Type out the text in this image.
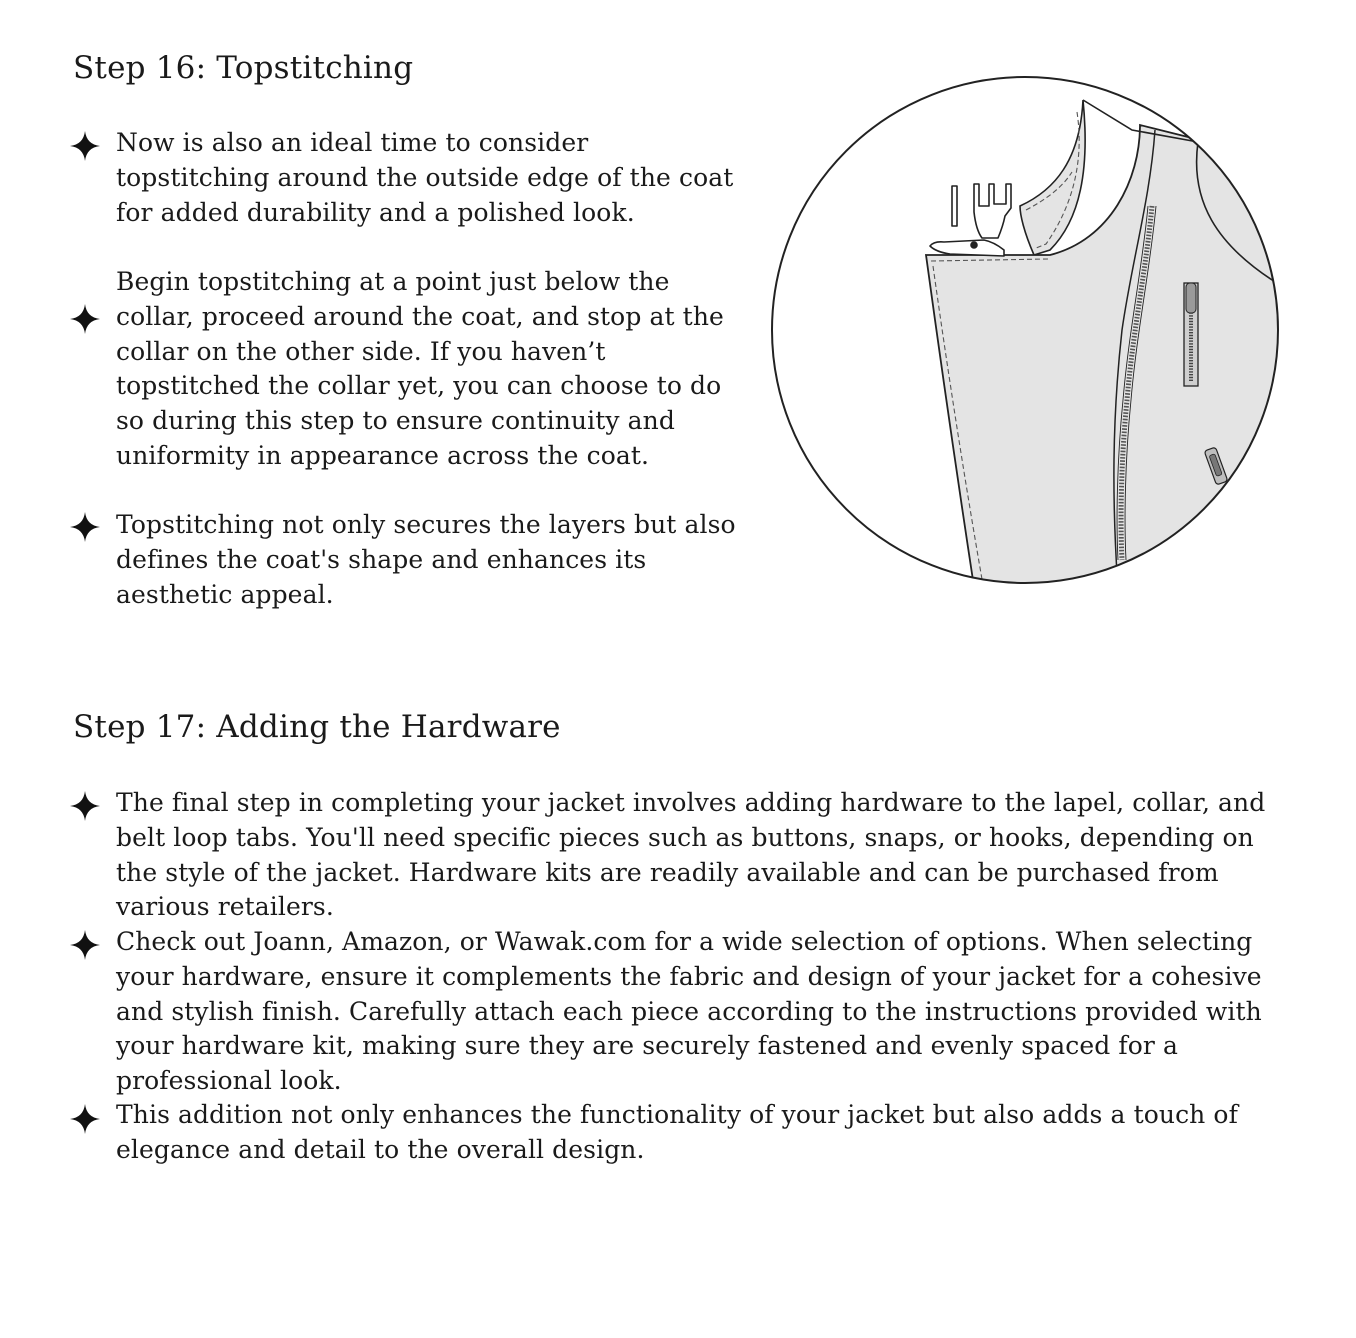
Step 16: Topstitching

Now is also an ideal time to consider topstitching around the outside edge of the coat for added durability and a polished look.

Begin topstitching at a point just below the collar, proceed around the coat, and stop at the collar on the other side. If you haven’t topstitched the collar yet, you can choose to do so during this step to ensure continuity and uniformity in appearance across the coat.

Topstitching not only secures the layers but also defines the coat's shape and enhances its aesthetic appeal.

Step 17: Adding the Hardware

The final step in completing your jacket involves adding hardware to the lapel, collar, and belt loop tabs. You'll need specific pieces such as buttons, snaps, or hooks, depending on the style of the jacket. Hardware kits are readily available and can be purchased from various retailers.

Check out Joann, Amazon, or Wawak.com for a wide selection of options. When selecting your hardware, ensure it complements the fabric and design of your jacket for a cohesive and stylish finish. Carefully attach each piece according to the instructions provided with your hardware kit, making sure they are securely fastened and evenly spaced for a professional look.

This addition not only enhances the functionality of your jacket but also adds a touch of elegance and detail to the overall design.
